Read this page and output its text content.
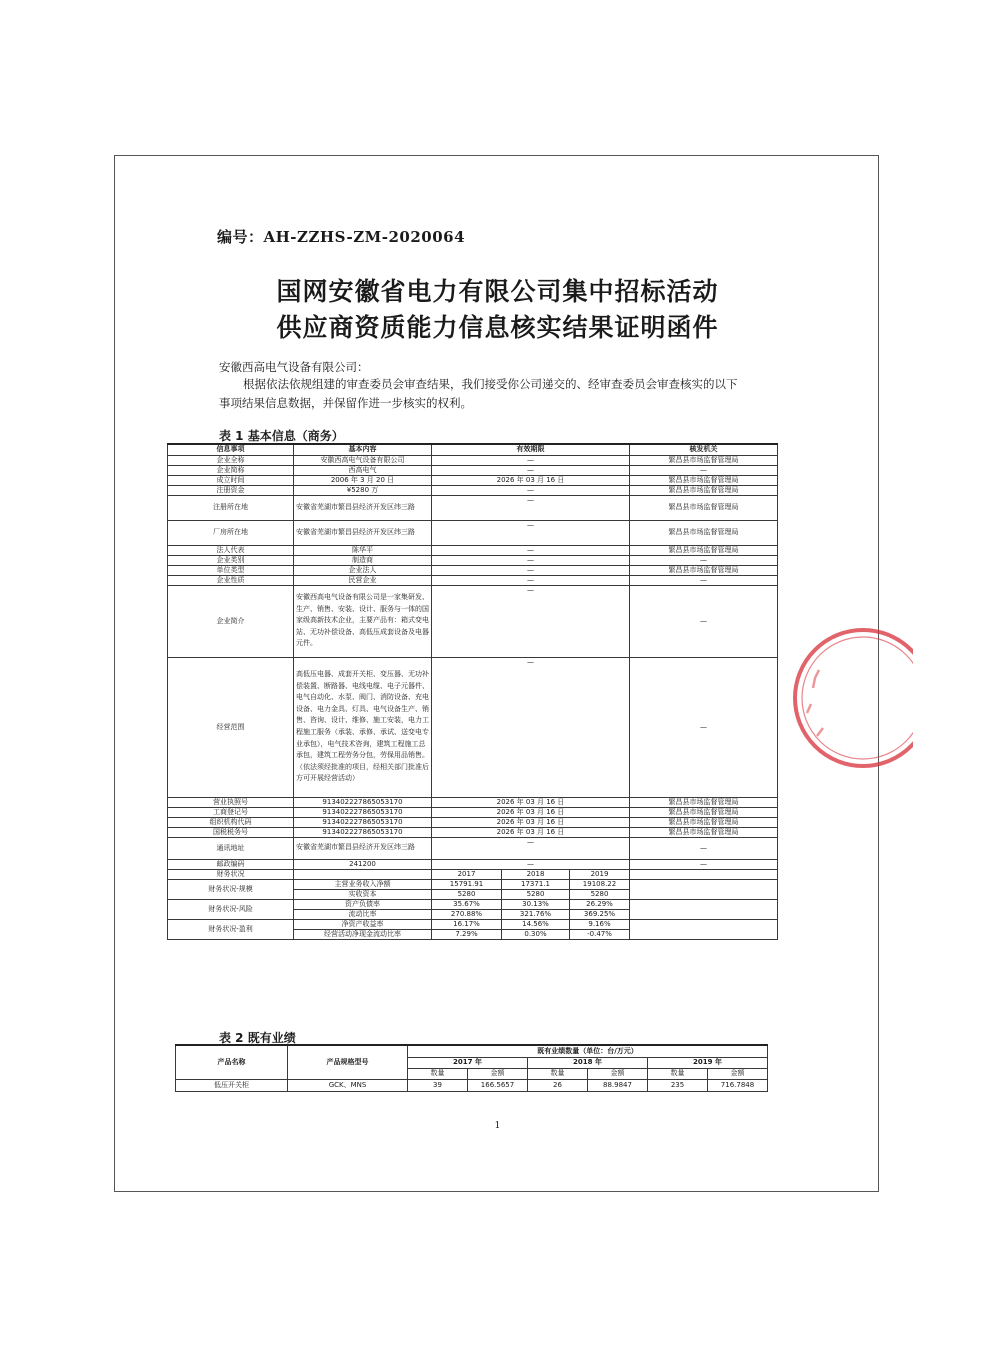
编号：AH-ZZHS-ZM-2020064
国网安徽省电力有限公司集中招标活动
供应商资质能力信息核实结果证明函件
安徽西高电气设备有限公司：
根据依法依规组建的审查委员会审查结果，我们接受你公司递交的、经审查委员会审查核实的以下事项结果信息数据，并保留作进一步核实的权利。
表 1 基本信息（商务）
信息事项	基本内容	有效期限			核发机关
企业全称	安徽西高电气设备有限公司	—			繁昌县市场监督管理局
企业简称	西高电气	—			—
成立时间	2006 年 3 月 20 日	2026 年 03 月 16 日			繁昌县市场监督管理局
注册资金	¥5280 万	—			繁昌县市场监督管理局
注册所在地	安徽省芜湖市繁昌县经济开发区纬三路	—			繁昌县市场监督管理局
厂房所在地	安徽省芜湖市繁昌县经济开发区纬三路	—			繁昌县市场监督管理局
法人代表	陈华平	—			繁昌县市场监督管理局
企业类别	制造商	—			—
单位类型	企业法人	—			繁昌县市场监督管理局
企业性质	民营企业	—			—
企业简介	安徽西高电气设备有限公司是一家集研发、生产、销售、安装、设计、服务与一体的国家级高新技术企业，主要产品有：箱式变电站、无功补偿设备、高低压成套设备及电器元件。	—			—
经营范围	高低压电器、成套开关柜、变压器、无功补偿装置、断路器、电线电缆、电子元器件、电气自动化、水泵、阀门、消防设备、充电设备、电力金具、灯具、电气设备生产、销售、咨询、设计、维修、施工安装，电力工程施工服务（承装、承修、承试、送变电专业承包），电气技术咨询，建筑工程施工总承包，建筑工程劳务分包，劳保用品销售。（依法须经批准的项目，经相关部门批准后方可开展经营活动）	—			—
营业执照号	913402227865053170	2026 年 03 月 16 日			繁昌县市场监督管理局
工商登记号	913402227865053170	2026 年 03 月 16 日			繁昌县市场监督管理局
组织机构代码	913402227865053170	2026 年 03 月 16 日			繁昌县市场监督管理局
国税税务号	913402227865053170	2026 年 03 月 16 日			繁昌县市场监督管理局
通讯地址	安徽省芜湖市繁昌县经济开发区纬三路	—			—
邮政编码	241200	—			—
财务状况		2017	2018	2019	
财务状况-规模	主营业务收入净额	15791.91	17371.1	19108.22	
	实收资本	5280	5280	5280	
财务状况-风险	资产负债率	35.67%	30.13%	26.29%	
	流动比率	270.88%	321.76%	369.25%	
财务状况-盈利	净资产收益率	16.17%	14.56%	9.16%	
	经营活动净现金流动比率	7.29%	0.30%	-0.47%	
表 2 既有业绩
产品名称	产品规格型号	既有业绩数量（单位：台/万元）					
		2017 年		2018 年		2019 年	
		数量	金额	数量	金额	数量	金额
低压开关柜	GCK、MNS	39	166.5657	26	88.9847	235	716.7848
1
